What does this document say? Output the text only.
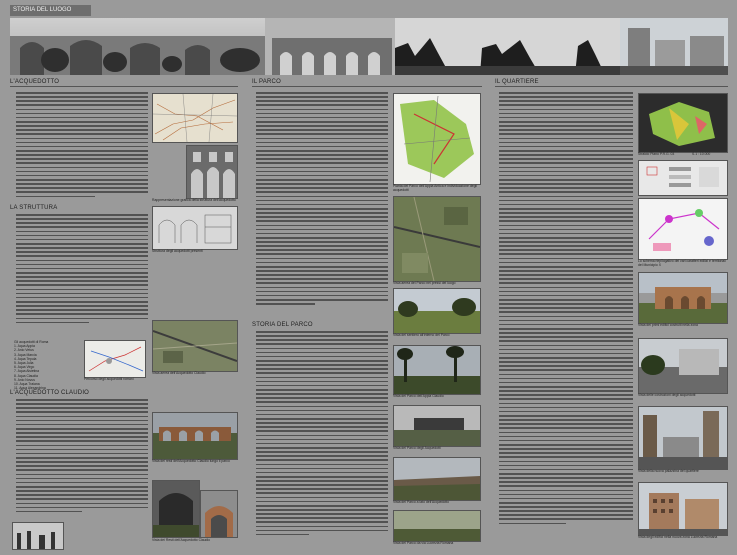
STORIA DEL LUOGO
L'ACQUEDOTTO
Rappresentazione grafica della struttura dell'acquedotto
Struttura degli acquedotti presenti
LA STRUTTURA
Gli acquedotti di Roma
1. Aqua Appia
2. Anio Vetus
3. Aqua Marcia
4. Aqua Tepula
5. Aqua Julia
6. Aqua Virgo
7. Aqua Alsietina
8. Aqua Claudia
9. Anio Novus
10. Aqua Traiana
11. Aqua Alexandrina
Percorso degli acquedotti romani
L'ACQUEDOTTO CLAUDIO
Vista aerea dell'Acquedotto Claudio
Vista dei resti dell'Acquedotto Claudio lungo il parco
Vista dei Resti dell'Acquedotto Claudio
IL PARCO
STORIA DEL PARCO
Pianta del Parco dell'Appia Antica e individuazione degli acquedotti
Vista aerea del Parco nei pressi del luogo
Vista del sentiero all'interno del Parco
Vista del Parco dell'Appia Claudio
Vista del Parco degli Acquedotti
Vista del Parco a lato dell'Acquedotto
Vista del Parco da via Lucrezia Romana
IL QUARTIERE
Stralcio Piano P.R.G. 03	S.1 : 10.000
Lo schema riepilogativo dei vari caratteri edilizi e territoriali del Municipio X
Vista dei primi edifici costruiti nella zona
Vista delle costruzioni degli acquedotti
Vista della nuova palazzina del quartiere
Vista degli edifici nella nuova zona Lucrezia Romana
